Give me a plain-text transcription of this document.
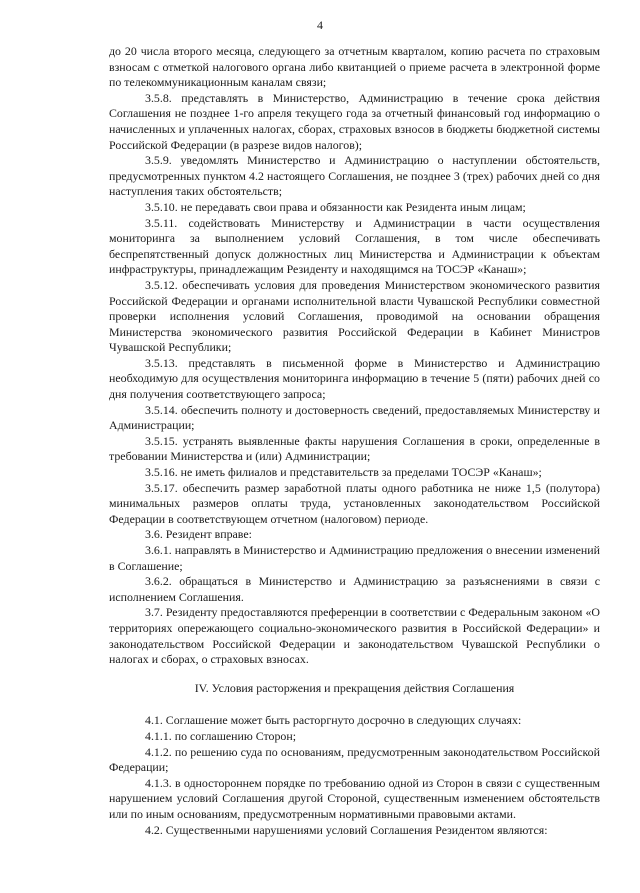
4

до 20 числа второго месяца, следующего за отчетным кварталом, копию расчета по страховым взносам с отметкой налогового органа либо квитанцией о приеме расчета в электронной форме по телекоммуникационным каналам связи;

3.5.8. представлять в Министерство, Администрацию в течение срока действия Соглашения не позднее 1-го апреля текущего года за отчетный финансовый год информацию о начисленных и уплаченных налогах, сборах, страховых взносов в бюджеты бюджетной системы Российской Федерации (в разрезе видов налогов);

3.5.9. уведомлять Министерство и Администрацию о наступлении обстоятельств, предусмотренных пунктом 4.2 настоящего Соглашения, не позднее 3 (трех) рабочих дней со дня наступления таких обстоятельств;

3.5.10. не передавать свои права и обязанности как Резидента иным лицам;

3.5.11. содействовать Министерству и Администрации в части осуществления мониторинга за выполнением условий Соглашения, в том числе обеспечивать беспрепятственный допуск должностных лиц Министерства и Администрации к объектам инфраструктуры, принадлежащим Резиденту и находящимся на ТОСЭР «Канаш»;

3.5.12. обеспечивать условия для проведения Министерством экономического развития Российской Федерации и органами исполнительной власти Чувашской Республики совместной проверки исполнения условий Соглашения, проводимой на основании обращения Министерства экономического развития Российской Федерации в Кабинет Министров Чувашской Республики;

3.5.13. представлять в письменной форме в Министерство и Администрацию необходимую для осуществления мониторинга информацию в течение 5 (пяти) рабочих дней со дня получения соответствующего запроса;

3.5.14. обеспечить полноту и достоверность сведений, предоставляемых Министерству и Администрации;

3.5.15. устранять выявленные факты нарушения Соглашения в сроки, определенные в требовании Министерства и (или) Администрации;

3.5.16. не иметь филиалов и представительств за пределами ТОСЭР «Канаш»;

3.5.17. обеспечить размер заработной платы одного работника не ниже 1,5 (полутора) минимальных размеров оплаты труда, установленных законодательством Российской Федерации в соответствующем отчетном (налоговом) периоде.

3.6. Резидент вправе:

3.6.1. направлять в Министерство и Администрацию предложения о внесении изменений в Соглашение;

3.6.2. обращаться в Министерство и Администрацию за разъяснениями в связи с исполнением Соглашения.

3.7. Резиденту предоставляются преференции в соответствии с Федеральным законом «О территориях опережающего социально-экономического развития в Российской Федерации» и законодательством Российской Федерации и законодательством Чувашской Республики о налогах и сборах, о страховых взносах.

IV. Условия расторжения и прекращения действия Соглашения

4.1. Соглашение может быть расторгнуто досрочно в следующих случаях:

4.1.1. по соглашению Сторон;

4.1.2. по решению суда по основаниям, предусмотренным законодательством Российской Федерации;

4.1.3. в одностороннем порядке по требованию одной из Сторон в связи с существенным нарушением условий Соглашения другой Стороной, существенным изменением обстоятельств или по иным основаниям, предусмотренным нормативными правовыми актами.

4.2. Существенными нарушениями условий Соглашения Резидентом являются:
